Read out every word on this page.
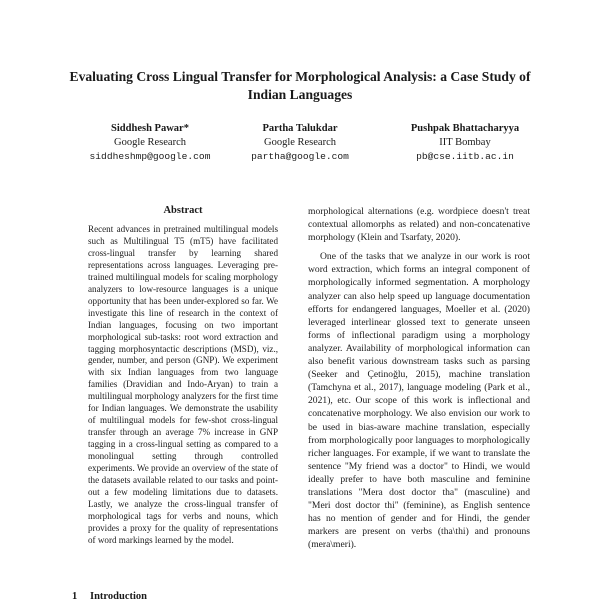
Evaluating Cross Lingual Transfer for Morphological Analysis: a Case Study of Indian Languages
Siddhesh Pawar*
Google Research
siddheshmp@google.com
Partha Talukdar
Google Research
partha@google.com
Pushpak Bhattacharyya
IIT Bombay
pb@cse.iitb.ac.in
Abstract
Recent advances in pretrained multilingual models such as Multilingual T5 (mT5) have facilitated cross-lingual transfer by learning shared representations across languages. Leveraging pre-trained multilingual models for scaling morphology analyzers to low-resource languages is a unique opportunity that has been under-explored so far. We investigate this line of research in the context of Indian languages, focusing on two important morphological sub-tasks: root word extraction and tagging morphosyntactic descriptions (MSD), viz., gender, number, and person (GNP). We experiment with six Indian languages from two language families (Dravidian and Indo-Aryan) to train a multilingual morphology analyzers for the first time for Indian languages. We demonstrate the usability of multilingual models for few-shot cross-lingual transfer through an average 7% increase in GNP tagging in a cross-lingual setting as compared to a monolingual setting through controlled experiments. We provide an overview of the state of the datasets available related to our tasks and point-out a few modeling limitations due to datasets. Lastly, we analyze the cross-lingual transfer of morphological tags for verbs and nouns, which provides a proxy for the quality of representations of word markings learned by the model.
1 Introduction

morphological alternations (e.g. wordpiece doesn't treat contextual allomorphs as related) and non-concatenative morphology (Klein and Tsarfaty, 2020).

One of the tasks that we analyze in our work is root word extraction, which forms an integral component of morphologically informed segmentation. A morphology analyzer can also help speed up language documentation efforts for endangered languages, Moeller et al. (2020) leveraged interlinear glossed text to generate unseen forms of inflectional paradigm using a morphology analyzer. Availability of morphological information can also benefit various downstream tasks such as parsing (Seeker and Çetinoğlu, 2015), machine translation (Tamchyna et al., 2017), language modeling (Park et al., 2021), etc. Our scope of this work is inflectional and concatenative morphology. We also envision our work to be used in bias-aware machine translation, especially from morphologically poor languages to morphologically richer languages. For example, if we want to translate the sentence "My friend was a doctor" to Hindi, we would ideally prefer to have both masculine and feminine translations "Mera dost doctor tha" (masculine) and "Meri dost doctor thi" (feminine), as English sentence has no mention of gender and for Hindi, the gender markers are present on verbs (tha\thi) and pronouns (mera\meri).
